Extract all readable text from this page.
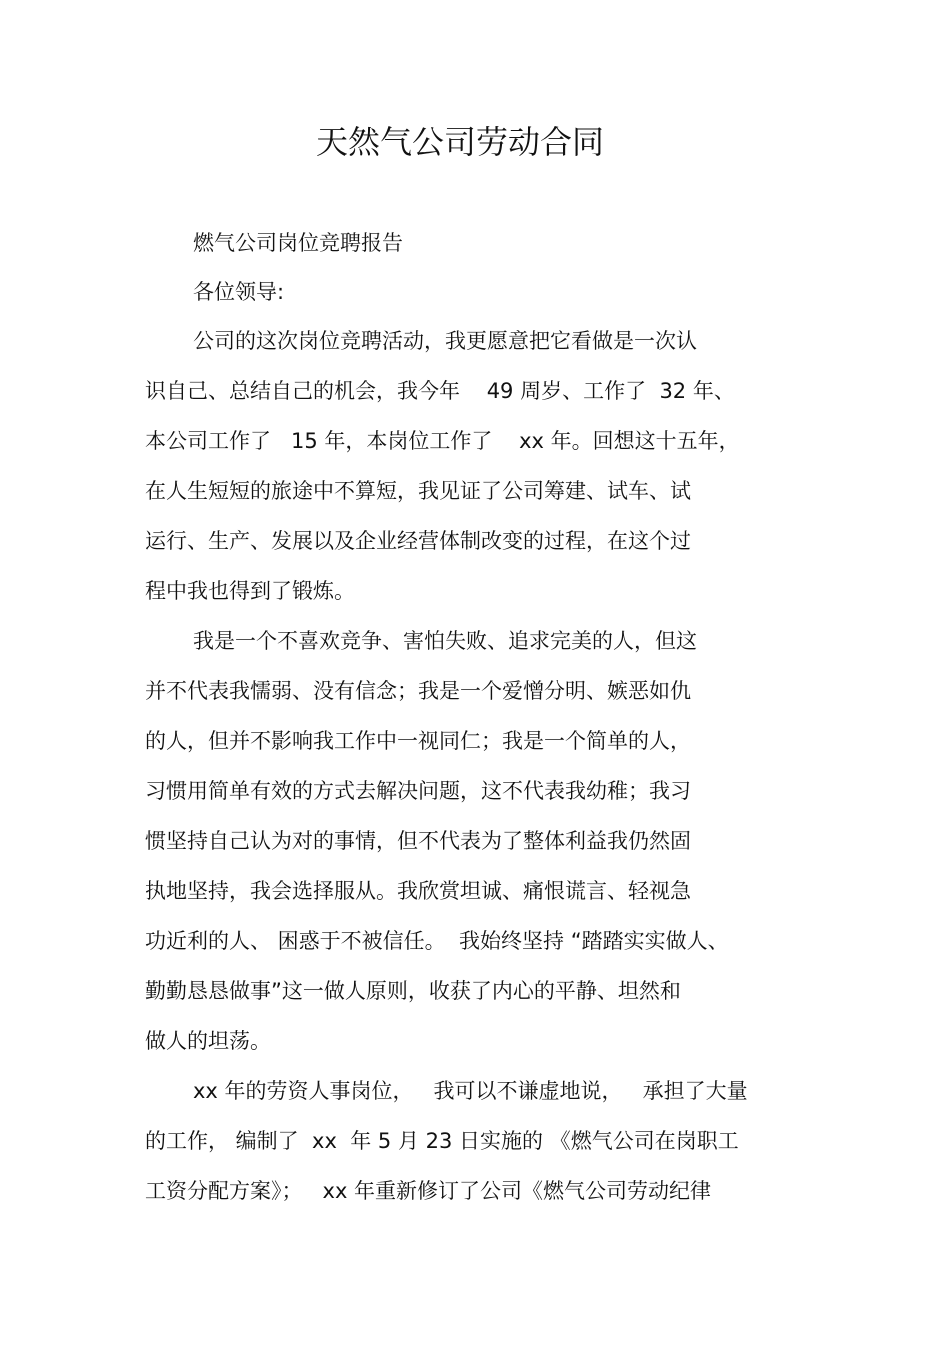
天然气公司劳动合同
燃气公司岗位竞聘报告
各位领导:
公司的这次岗位竞聘活动，我更愿意把它看做是一次认
识自己、总结自己的机会，我今年    49 周岁、工作了  32 年、
本公司工作了   15 年，本岗位工作了    xx 年。回想这十五年，
在人生短短的旅途中不算短，我见证了公司筹建、试车、试
运行、生产、发展以及企业经营体制改变的过程，在这个过
程中我也得到了锻炼。
我是一个不喜欢竞争、害怕失败、追求完美的人，但这
并不代表我懦弱、没有信念；我是一个爱憎分明、嫉恶如仇
的人，但并不影响我工作中一视同仁；我是一个简单的人，
习惯用简单有效的方式去解决问题，这不代表我幼稚；我习
惯坚持自己认为对的事情，但不代表为了整体利益我仍然固
执地坚持，我会选择服从。我欣赏坦诚、痛恨谎言、轻视急
功近利的人、 困惑于不被信任。  我始终坚持 “踏踏实实做人、
勤勤恳恳做事”这一做人原则，收获了内心的平静、坦然和
做人的坦荡。
xx 年的劳资人事岗位，   我可以不谦虚地说，   承担了大量
的工作， 编制了  xx  年 5 月 23 日实施的 《燃气公司在岗职工
工资分配方案》；   xx 年重新修订了公司《燃气公司劳动纪律
